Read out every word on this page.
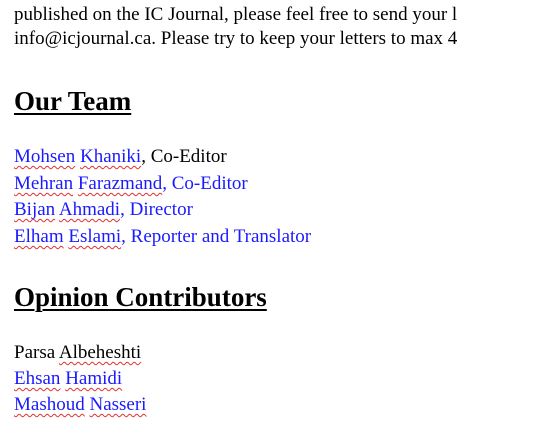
published on the IC Journal, please feel free to send your l
info@icjournal.ca. Please try to keep your letters to max 4
Our Team
Mohsen Khaniki, Co-Editor
Mehran Farazmand, Co-Editor
Bijan Ahmadi, Director
Elham Eslami, Reporter and Translator
Opinion Contributors
Parsa Albeheshti
Ehsan Hamidi
Mashoud Nasseri
